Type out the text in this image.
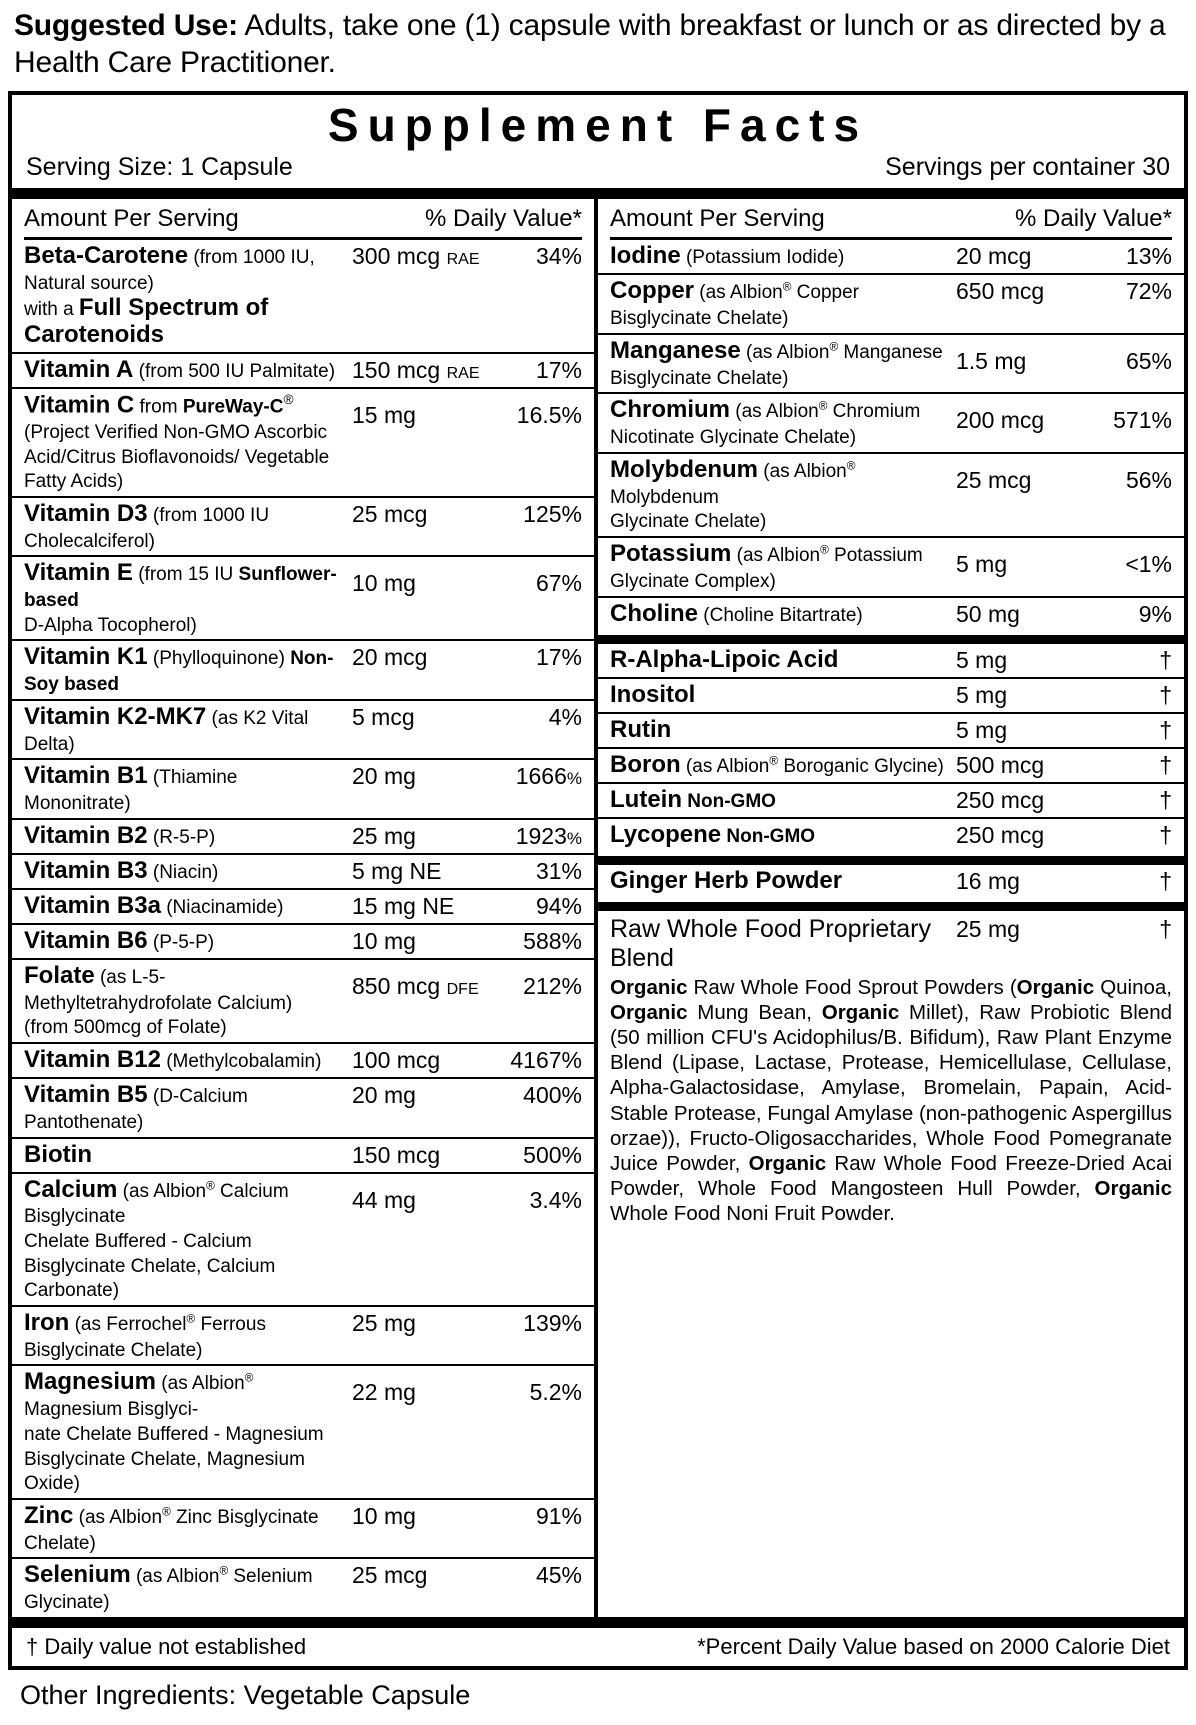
Suggested Use: Adults, take one (1) capsule with breakfast or lunch or as directed by a Health Care Practitioner.
Supplement Facts
Serving Size: 1 Capsule	Servings per container 30
Amount Per Serving	% Daily Value*
Beta-Carotene (from 1000 IU, Natural source)
with a Full Spectrum of Carotenoids
300 mcg RAE	34%
Vitamin A (from 500 IU Palmitate) 150 mcg RAE	17%
Vitamin C from PureWay-C®
(Project Verified Non-GMO Ascorbic Acid/Citrus Bioflavonoids/ Vegetable Fatty Acids)
15 mg	16.5%
Vitamin D3 (from 1000 IU Cholecalciferol)
25 mcg	125%
Vitamin E (from 15 IU Sunflower-based
D-Alpha Tocopherol)
10 mg	67%
Vitamin K1 (Phylloquinone) Non-Soy based
20 mcg	17%
Vitamin K2-MK7 (as K2 Vital Delta)
5 mcg	4%
Vitamin B1 (Thiamine Mononitrate)
20 mg	1666%
Vitamin B2 (R-5-P)	25 mg	1923%
Vitamin B3 (Niacin)	5 mg NE	31%
Vitamin B3a (Niacinamide)	15 mg NE	94%
Vitamin B6 (P-5-P)	10 mg	588%
Folate (as L-5-Methyltetrahydrofolate Calcium)
(from 500mcg of Folate)
850 mcg DFE	212%
Vitamin B12 (Methylcobalamin)	100 mcg	4167%
Vitamin B5 (D-Calcium Pantothenate)
20 mg	400%
Biotin	150 mcg	500%
Calcium (as Albion® Calcium Bisglycinate
Chelate Buffered - Calcium Bisglycinate Chelate, Calcium Carbonate)
44 mg	3.4%
Iron (as Ferrochel® Ferrous Bisglycinate Chelate)
25 mg	139%
Magnesium (as Albion® Magnesium Bisglyci-
nate Chelate Buffered - Magnesium Bisglycinate Chelate, Magnesium Oxide)
22 mg	5.2%
Zinc (as Albion® Zinc Bisglycinate Chelate)
10 mg	91%
Selenium (as Albion® Selenium Glycinate)
25 mcg	45%
Amount Per Serving	% Daily Value*
Iodine (Potassium Iodide)	20 mcg	13%
Copper (as Albion® Copper Bisglycinate Chelate)
650 mcg	72%
Manganese (as Albion® Manganese
Bisglycinate Chelate)
1.5 mg	65%
Chromium (as Albion® Chromium
Nicotinate Glycinate Chelate)
200 mcg	571%
Molybdenum (as Albion® Molybdenum
Glycinate Chelate)
25 mcg	56%
Potassium (as Albion® Potassium
Glycinate Complex)
5 mg	<1%
Choline (Choline Bitartrate)	50 mg	9%
R-Alpha-Lipoic Acid	5 mg	†
Inositol	5 mg	†
Rutin	5 mg	†
Boron (as Albion® Boroganic Glycine) 500 mcg	†
Lutein Non-GMO	250 mcg	†
Lycopene Non-GMO	250 mcg	†
Ginger Herb Powder	16 mg	†
Raw Whole Food Proprietary Blend
25 mg	†
Organic Raw Whole Food Sprout Powders (Organic Quinoa, Organic Mung Bean, Organic Millet), Raw Probiotic Blend (50 million CFU's Acidophilus/B. Bifidum), Raw Plant Enzyme Blend (Lipase, Lactase, Protease, Hemicellulase, Cellulase, Alpha-Galactosidase, Amylase, Bromelain, Papain, Acid-Stable Protease, Fungal Amylase (non-pathogenic Aspergillus orzae)), Fructo-Oligosaccharides, Whole Food Pomegranate Juice Powder, Organic Raw Whole Food Freeze-Dried Acai Powder, Whole Food Mangosteen Hull Powder, Organic Whole Food Noni Fruit Powder.
† Daily value not established	*Percent Daily Value based on 2000 Calorie Diet
Other Ingredients: Vegetable Capsule
